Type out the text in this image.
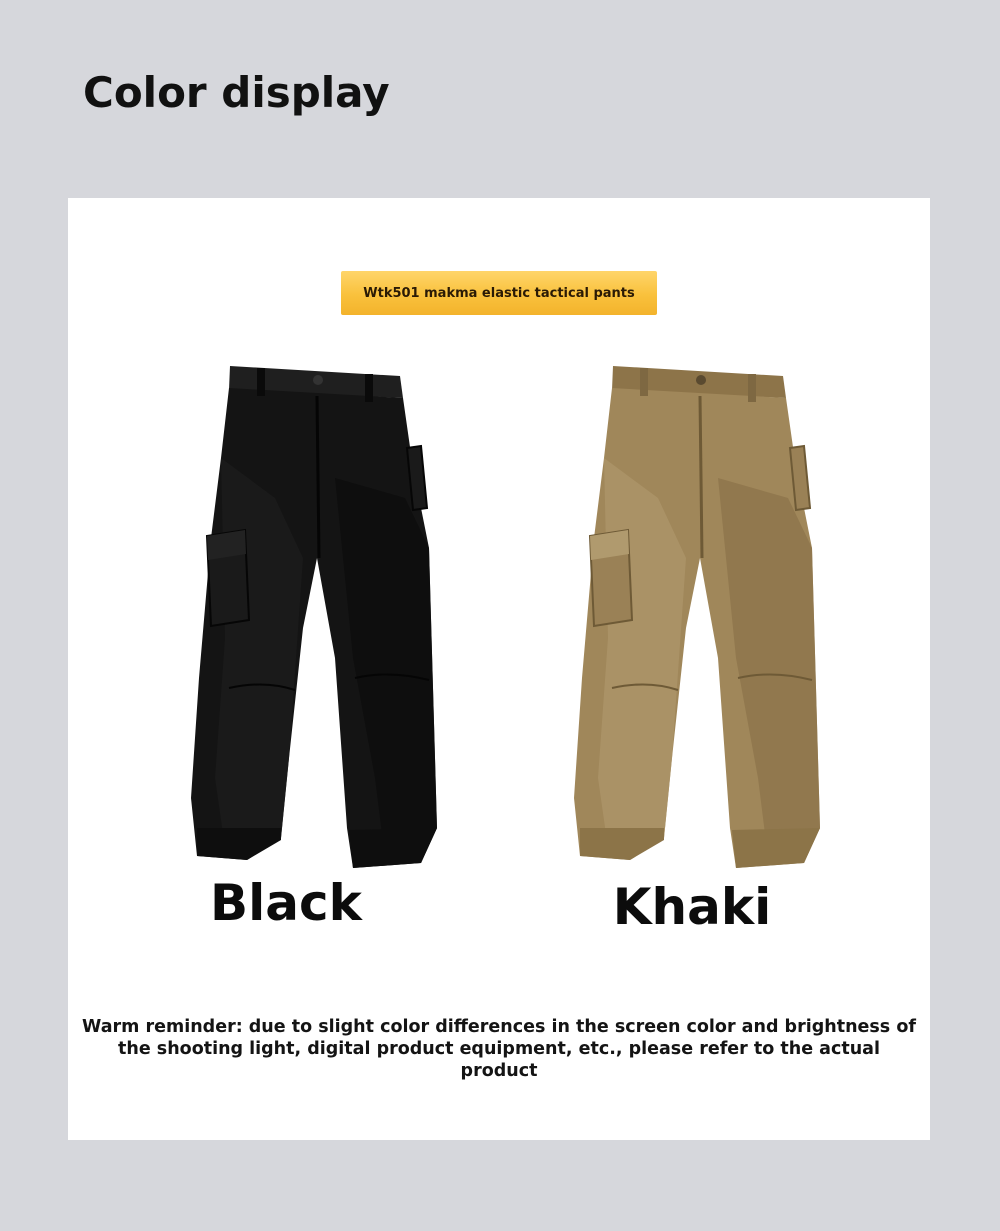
Color display
Wtk501 makma elastic tactical pants

Black	Khaki

Warm reminder: due to slight color differences in the screen color and brightness of
the shooting light, digital product equipment, etc., please refer to the actual product
